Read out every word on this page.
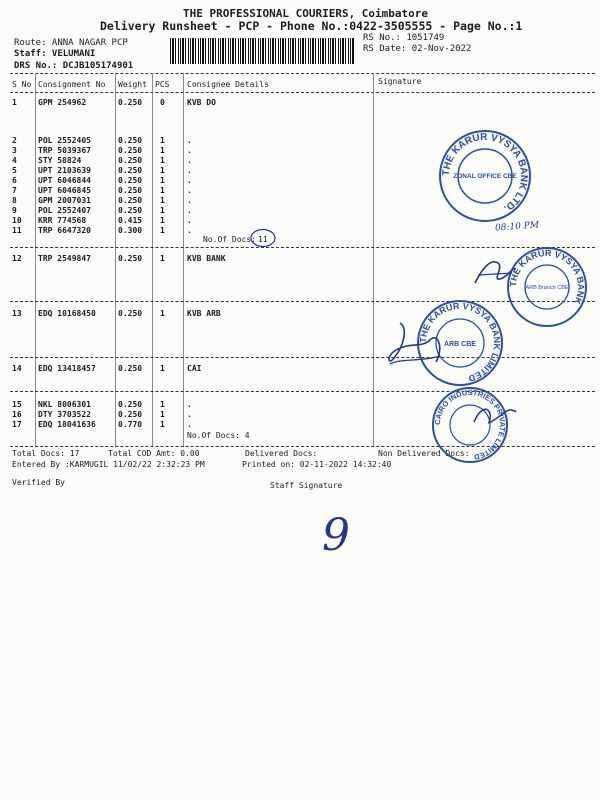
THE PROFESSIONAL COURIERS, Coimbatore
Delivery Runsheet - PCP - Phone No.:0422-3505555 - Page No.:1
Route: ANNA NAGAR PCP
Staff: VELUMANI
DRS No.: DCJB105174901
RS No.: 1051749
RS Date: 02-Nov-2022
S No Consignment No Weight PCS Consignee Details	Signature
1	GPM 254962	0.250 0	KVB DO
2	POL 2552405	0.250 1	.
3	TRP 5039367	0.250 1	.
4	STY 58824	0.250 1	.
5	UPT 2103639	0.250 1	.
6	UPT 6046844	0.250 1	.
7	UPT 6046845	0.250 1	.
8	GPM 2007031	0.250 1	.
9	POL 2552407	0.250 1	.
10 KRR 774568	0.415 1	.
11 TRP 6647320	0.300 1	.
12 TRP 2549847	0.250 1	KVB BANK
13 EDQ 10168450	0.250 1	KVB ARB
14 EDQ 13418457	0.250 1	CAI
15 NKL 8006301	0.250 1	.
16 DTY 3703522	0.250 1	.
17 EDQ 18041636	0.770 1	.
No.Of Docs: 11
No.Of Docs: 4
Total Docs: 17	Total COD Amt: 0.00	Delivered Docs:	Non Delivered Docs:
Entered By :KARMUGIL 11/02/22 2:32:23 PM	Printed on: 02-11-2022 14:32:40
Verified By	Staff Signature
THE KARUR VYSYA BANK LTD.
ZONAL OFFICE CBE
THE KARUR VYSYA BANK
ARB Branch CBE
THE KARUR VYSYA BANK LIMITED
ARB CBE
CAIRO INDUSTRIES PRIVATE LIMITED
08:10 PM
9
